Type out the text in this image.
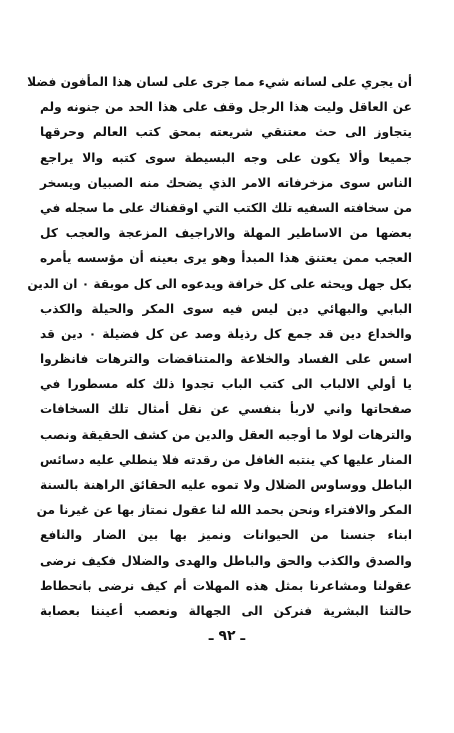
أن يجري على لسانه شيء مما جرى على لسان هذا المأفون فضلا
عن العاقل وليت هذا الرجل وقف على هذا الحد من جنونه ولم
يتجاوز الى حث معتنقي شريعته بمحق كتب العالم وحرقها
جميعا وألا يكون على وجه البسيطة سوى كتبه والا يراجع
الناس سوى مزخرفاته الامر الذي يضحك منه الصبيان ويسخر
من سخافته السفيه تلك الكتب التي اوقفناك على ما سجله في
بعضها من الاساطير المهلة والاراجيف المزعجة والعجب كل
العجب ممن يعتنق هذا المبدأ وهو يرى بعينه أن مؤسسه يأمره
بكل جهل ويحثه على كل خرافة ويدعوه الى كل موبقة ٠ ان الدين
البابي والبهائي دين ليس فيه سوى المكر والحيلة والكذب
والخداع دين قد جمع كل رذيلة وصد عن كل فضيلة ٠ دين قد
اسس على الفساد والخلاعة والمتناقضات والترهات فانظروا
يا أولي الالباب الى كتب الباب تجدوا ذلك كله مسطورا في
صفحاتها واني لاربأ بنفسي عن نقل أمثال تلك السخافات
والترهات لولا ما أوجبه العقل والدين من كشف الحقيقة ونصب
المنار عليها كي ينتبه الغافل من رقدته فلا ينطلي عليه دسائس
الباطل ووساوس الضلال ولا تموه عليه الحقائق الراهنة بالسنة
المكر والافتراء ونحن بحمد الله لنا عقول نمتاز بها عن غيرنا من
ابناء جنسنا من الحيوانات ونميز بها بين الضار والنافع
والصدق والكذب والحق والباطل والهدى والضلال فكيف نرضى
عقولنا ومشاعرنا بمثل هذه المهلات أم كيف نرضى بانحطاط
حالتنا البشرية فنركن الى الجهالة ونعصب أعيننا بعصابة
ـ ٩٢ ـ
